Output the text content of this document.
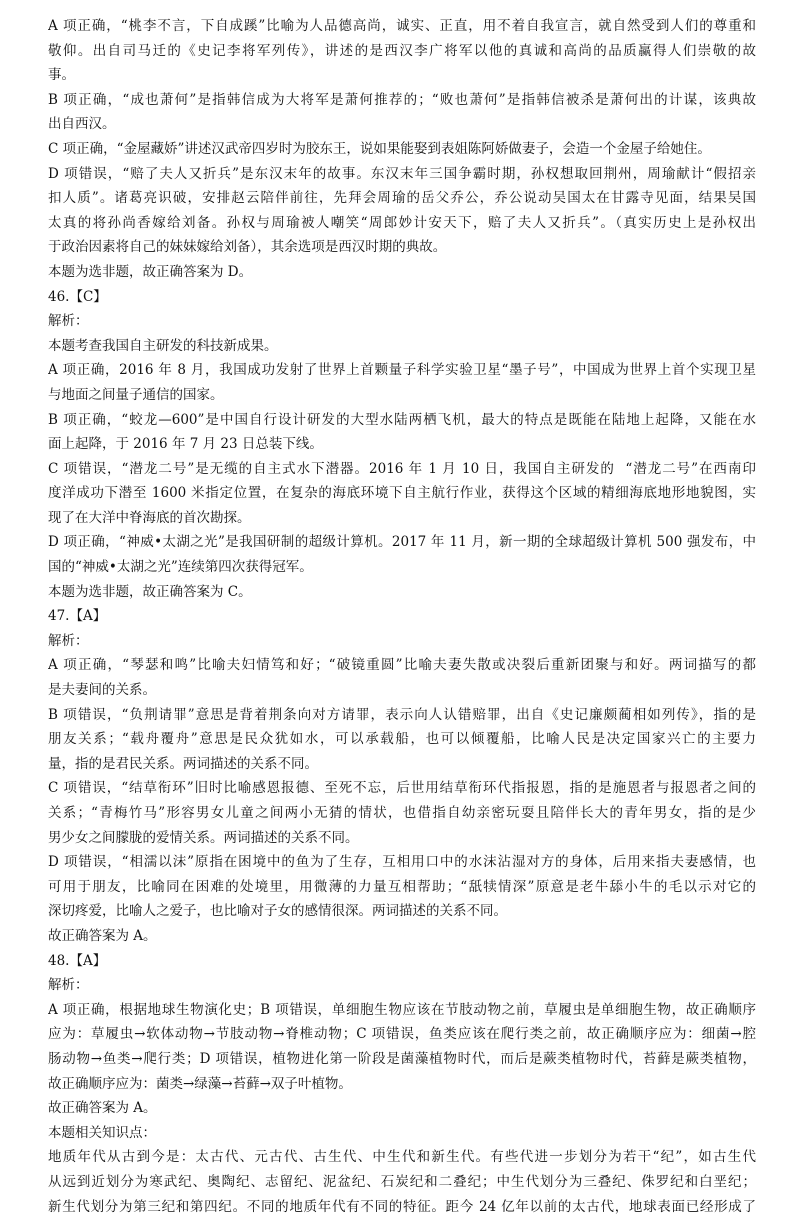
A 项正确，“桃李不言，下自成蹊”比喻为人品德高尚，诚实、正直，用不着自我宣言，就自然受到人们的尊重和
敬仰。出自司马迁的《史记李将军列传》，讲述的是西汉李广将军以他的真诚和高尚的品质赢得人们崇敬的故
事。
B 项正确，“成也萧何”是指韩信成为大将军是萧何推荐的；“败也萧何”是指韩信被杀是萧何出的计谋，该典故
出自西汉。
C 项正确，“金屋藏娇”讲述汉武帝四岁时为胶东王，说如果能娶到表姐陈阿娇做妻子，会造一个金屋子给她住。
D 项错误，“赔了夫人又折兵”是东汉末年的故事。东汉末年三国争霸时期，孙权想取回荆州，周瑜献计“假招亲
扣人质”。诸葛亮识破，安排赵云陪伴前往，先拜会周瑜的岳父乔公，乔公说动吴国太在甘露寺见面，结果吴国
太真的将孙尚香嫁给刘备。孙权与周瑜被人嘲笑“周郎妙计安天下，赔了夫人又折兵”。（真实历史上是孙权出
于政治因素将自己的妹妹嫁给刘备），其余选项是西汉时期的典故。
本题为选非题，故正确答案为 D。
46.【C】
解析：
本题考查我国自主研发的科技新成果。
A 项正确，2016 年 8 月，我国成功发射了世界上首颗量子科学实验卫星“墨子号”，中国成为世界上首个实现卫星
与地面之间量子通信的国家。
B 项正确，“蛟龙—600”是中国自行设计研发的大型水陆两栖飞机，最大的特点是既能在陆地上起降，又能在水
面上起降，于 2016 年 7 月 23 日总装下线。
C 项错误，“潜龙二号”是无缆的自主式水下潜器。2016 年 1 月 10 日，我国自主研发的  “潜龙二号”在西南印
度洋成功下潜至 1600 米指定位置，在复杂的海底环境下自主航行作业，获得这个区域的精细海底地形地貌图，实
现了在大洋中脊海底的首次勘探。
D 项正确，“神威•太湖之光”是我国研制的超级计算机。2017 年 11 月，新一期的全球超级计算机 500 强发布，中
国的“神威•太湖之光”连续第四次获得冠军。
本题为选非题，故正确答案为 C。
47.【A】
解析：
A 项正确，“琴瑟和鸣”比喻夫妇情笃和好；“破镜重圆”比喻夫妻失散或决裂后重新团聚与和好。两词描写的都
是夫妻间的关系。
B 项错误，“负荆请罪”意思是背着荆条向对方请罪，表示向人认错赔罪，出自《史记廉颇蔺相如列传》，指的是
朋友关系；“载舟覆舟”意思是民众犹如水，可以承载船，也可以倾覆船，比喻人民是决定国家兴亡的主要力
量，指的是君民关系。两词描述的关系不同。
C 项错误，“结草衔环”旧时比喻感恩报德、至死不忘，后世用结草衔环代指报恩，指的是施恩者与报恩者之间的
关系；“青梅竹马”形容男女儿童之间两小无猜的情状，也借指自幼亲密玩耍且陪伴长大的青年男女，指的是少
男少女之间朦胧的爱情关系。两词描述的关系不同。
D 项错误，“相濡以沫”原指在困境中的鱼为了生存，互相用口中的水沫沾湿对方的身体，后用来指夫妻感情，也
可用于朋友，比喻同在困难的处境里，用微薄的力量互相帮助；“舐犊情深”原意是老牛舔小牛的毛以示对它的
深切疼爱，比喻人之爱子，也比喻对子女的感情很深。两词描述的关系不同。
故正确答案为 A。
48.【A】
解析：
A 项正确，根据地球生物演化史；B 项错误，单细胞生物应该在节肢动物之前，草履虫是单细胞生物，故正确顺序
应为：草履虫→软体动物→节肢动物→脊椎动物；C 项错误，鱼类应该在爬行类之前，故正确顺序应为：细菌→腔
肠动物→鱼类→爬行类；D 项错误，植物进化第一阶段是菌藻植物时代，而后是蕨类植物时代，苔藓是蕨类植物，
故正确顺序应为：菌类→绿藻→苔藓→双子叶植物。
故正确答案为 A。
本题相关知识点：
地质年代从古到今是：太古代、元古代、古生代、中生代和新生代。有些代进一步划分为若干“纪”，如古生代
从远到近划分为寒武纪、奥陶纪、志留纪、泥盆纪、石炭纪和二叠纪；中生代划分为三叠纪、侏罗纪和白垩纪；
新生代划分为第三纪和第四纪。不同的地质年代有不同的特征。距今 24 亿年以前的太古代，地球表面已经形成了
